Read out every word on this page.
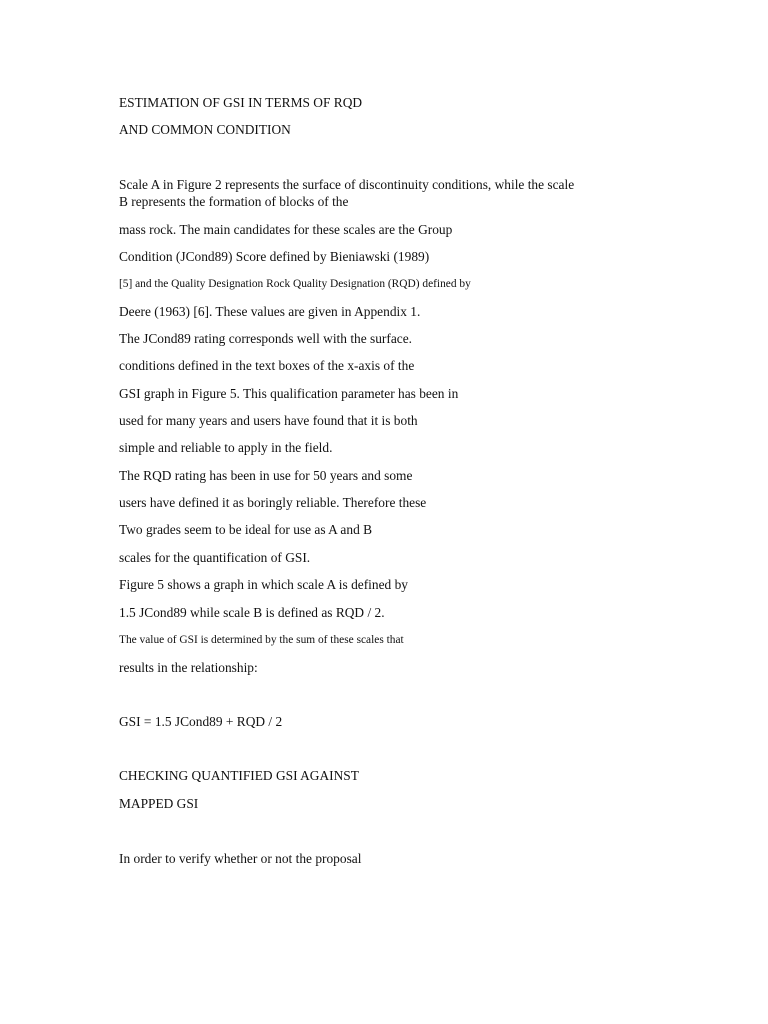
ESTIMATION OF GSI IN TERMS OF RQD
AND COMMON CONDITION
Scale A in Figure 2 represents the surface of discontinuity conditions, while the scale B represents the formation of blocks of the
mass rock. The main candidates for these scales are the Group
Condition (JCond89) Score defined by Bieniawski (1989)
[5] and the Quality Designation Rock Quality Designation (RQD) defined by
Deere (1963) [6]. These values are given in Appendix 1.
The JCond89 rating corresponds well with the surface.
conditions defined in the text boxes of the x-axis of the
GSI graph in Figure 5. This qualification parameter has been in
used for many years and users have found that it is both
simple and reliable to apply in the field.
The RQD rating has been in use for 50 years and some
users have defined it as boringly reliable. Therefore these
Two grades seem to be ideal for use as A and B
scales for the quantification of GSI.
Figure 5 shows a graph in which scale A is defined by
1.5 JCond89 while scale B is defined as RQD / 2.
The value of GSI is determined by the sum of these scales that
results in the relationship:
GSI = 1.5 JCond89 + RQD / 2
CHECKING QUANTIFIED GSI AGAINST
MAPPED GSI
In order to verify whether or not the proposal
